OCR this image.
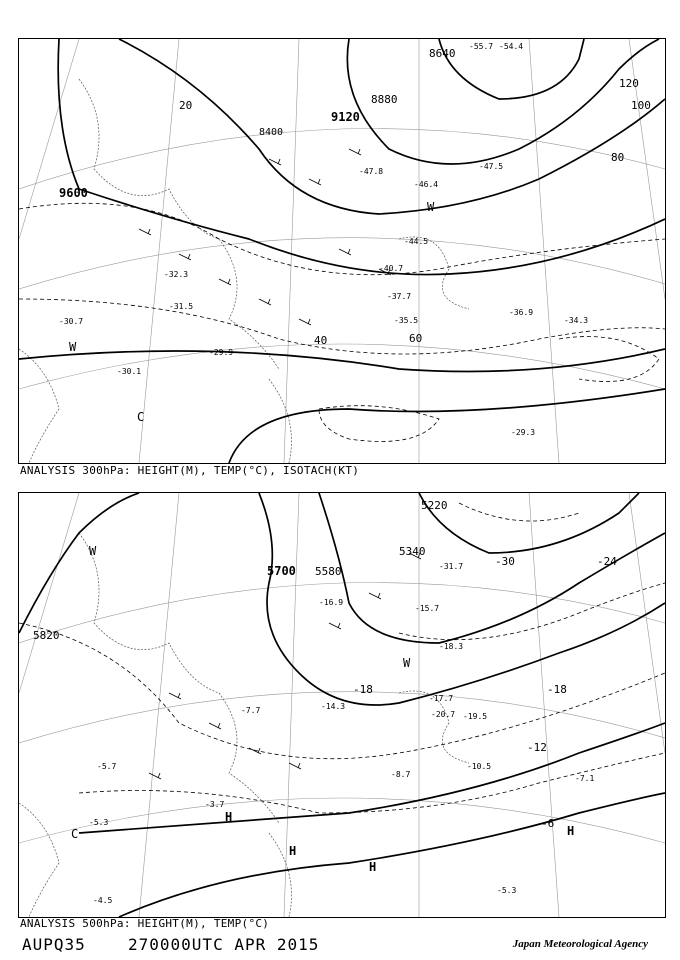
9600
9120
8880
8640
8400
20
40	60
80
100
120
-30.7
-31.5
-32.3
-34.3
-35.5
-36.9
-37.7
-40.7
-44.5
-46.4
-47.5
-47.8
-54.4
-55.7
-29.3
-29.9
-30.1
W
W
C
ANALYSIS 300hPa: HEIGHT(M), TEMP(°C), ISOTACH(KT)
5820
5700 5580
5340
5220
-30	-24
-18	-18
-12
-6
-4.5
-5.7
-5.3
-7.7
-8.7
-10.5
-14.3
-15.7
-16.9
-17.7
-18.3
-19.5
-20.7
-31.7
-7.1
-5.3
-3.7
H
H
H
H
C
W
W
ANALYSIS 500hPa: HEIGHT(M), TEMP(°C)
AUPQ35	270000UTC APR 2015	Japan Meteorological Agency
